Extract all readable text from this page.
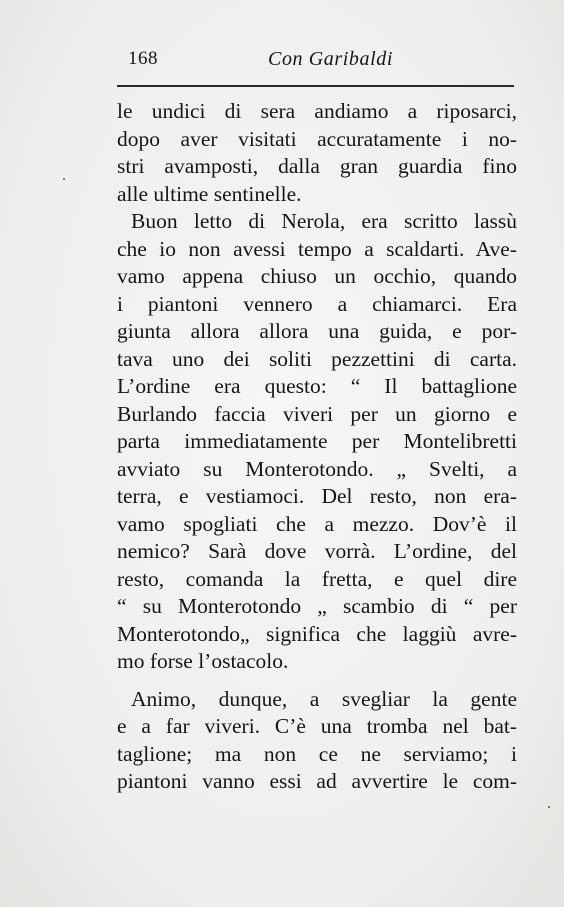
168	Con Garibaldi
le undici di sera andiamo a riposarci,
dopo aver visitati accuratamente i no-
stri avamposti, dalla gran guardia fino
alle ultime sentinelle.
Buon letto di Nerola, era scritto lassù
che io non avessi tempo a scaldarti. Ave-
vamo appena chiuso un occhio, quando
i piantoni vennero a chiamarci. Era
giunta allora allora una guida, e por-
tava uno dei soliti pezzettini di carta.
L’ordine era questo: “ Il battaglione
Burlando faccia viveri per un giorno e
parta immediatamente per Montelibretti
avviato su Monterotondo. „ Svelti, a
terra, e vestiamoci. Del resto, non era-
vamo spogliati che a mezzo. Dov’è il
nemico? Sarà dove vorrà. L’ordine, del
resto, comanda la fretta, e quel dire
“ su Monterotondo „ scambio di “ per
Monterotondo„ significa che laggiù avre-
mo forse l’ostacolo.
Animo, dunque, a svegliar la gente
e a far viveri. C’è una tromba nel bat-
taglione; ma non ce ne serviamo; i
piantoni vanno essi ad avvertire le com-
